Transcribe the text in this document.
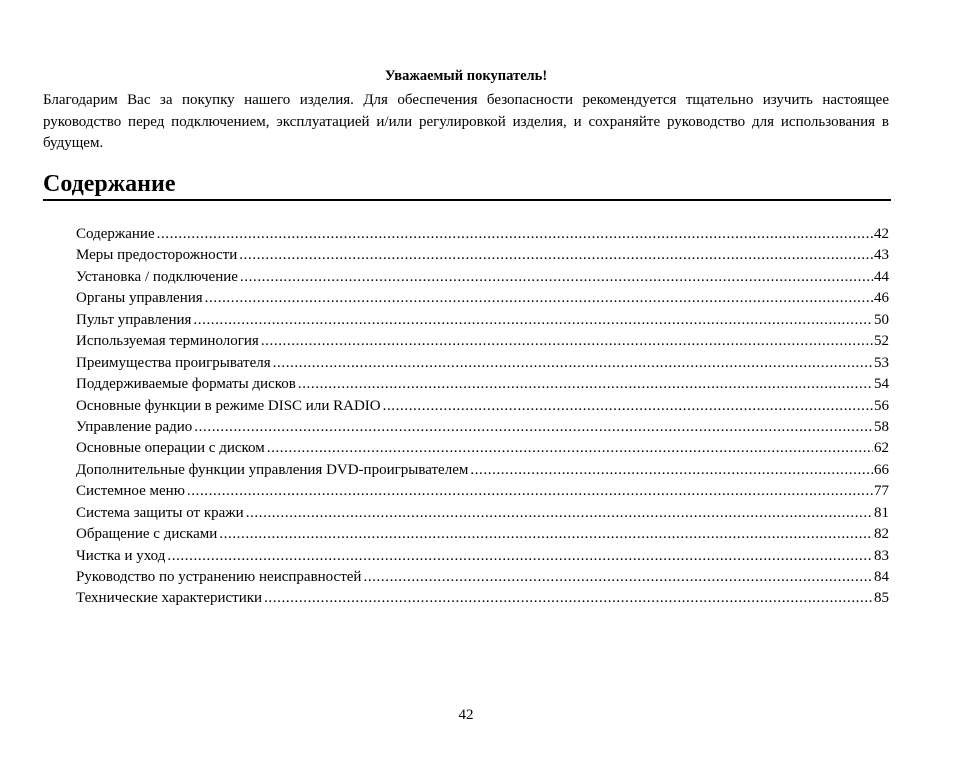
Уважаемый покупатель!

Благодарим Вас за покупку нашего изделия. Для обеспечения безопасности рекомендуется тщательно изучить настоящее руководство перед подключением, эксплуатацией и/или регулировкой изделия, и сохраняйте руководство для использования в будущем.

Содержание
Содержание .....	42
Меры предосторожности .....	43
Установка / подключение .....	44
Органы управления .....	46
Пульт управления .....	50
Используемая терминология .....	52
Преимущества проигрывателя .....	53
Поддерживаемые форматы дисков .....	54
Основные функции в режиме DISC или RADIO .....	56
Управление радио .....	58
Основные операции с диском .....	62
Дополнительные функции управления DVD-проигрывателем .....	66
Системное меню .....	77
Система защиты от кражи .....	81
Обращение с дисками .....	82
Чистка и уход .....	83
Руководство по устранению неисправностей .....	84
Технические характеристики .....	85

42
